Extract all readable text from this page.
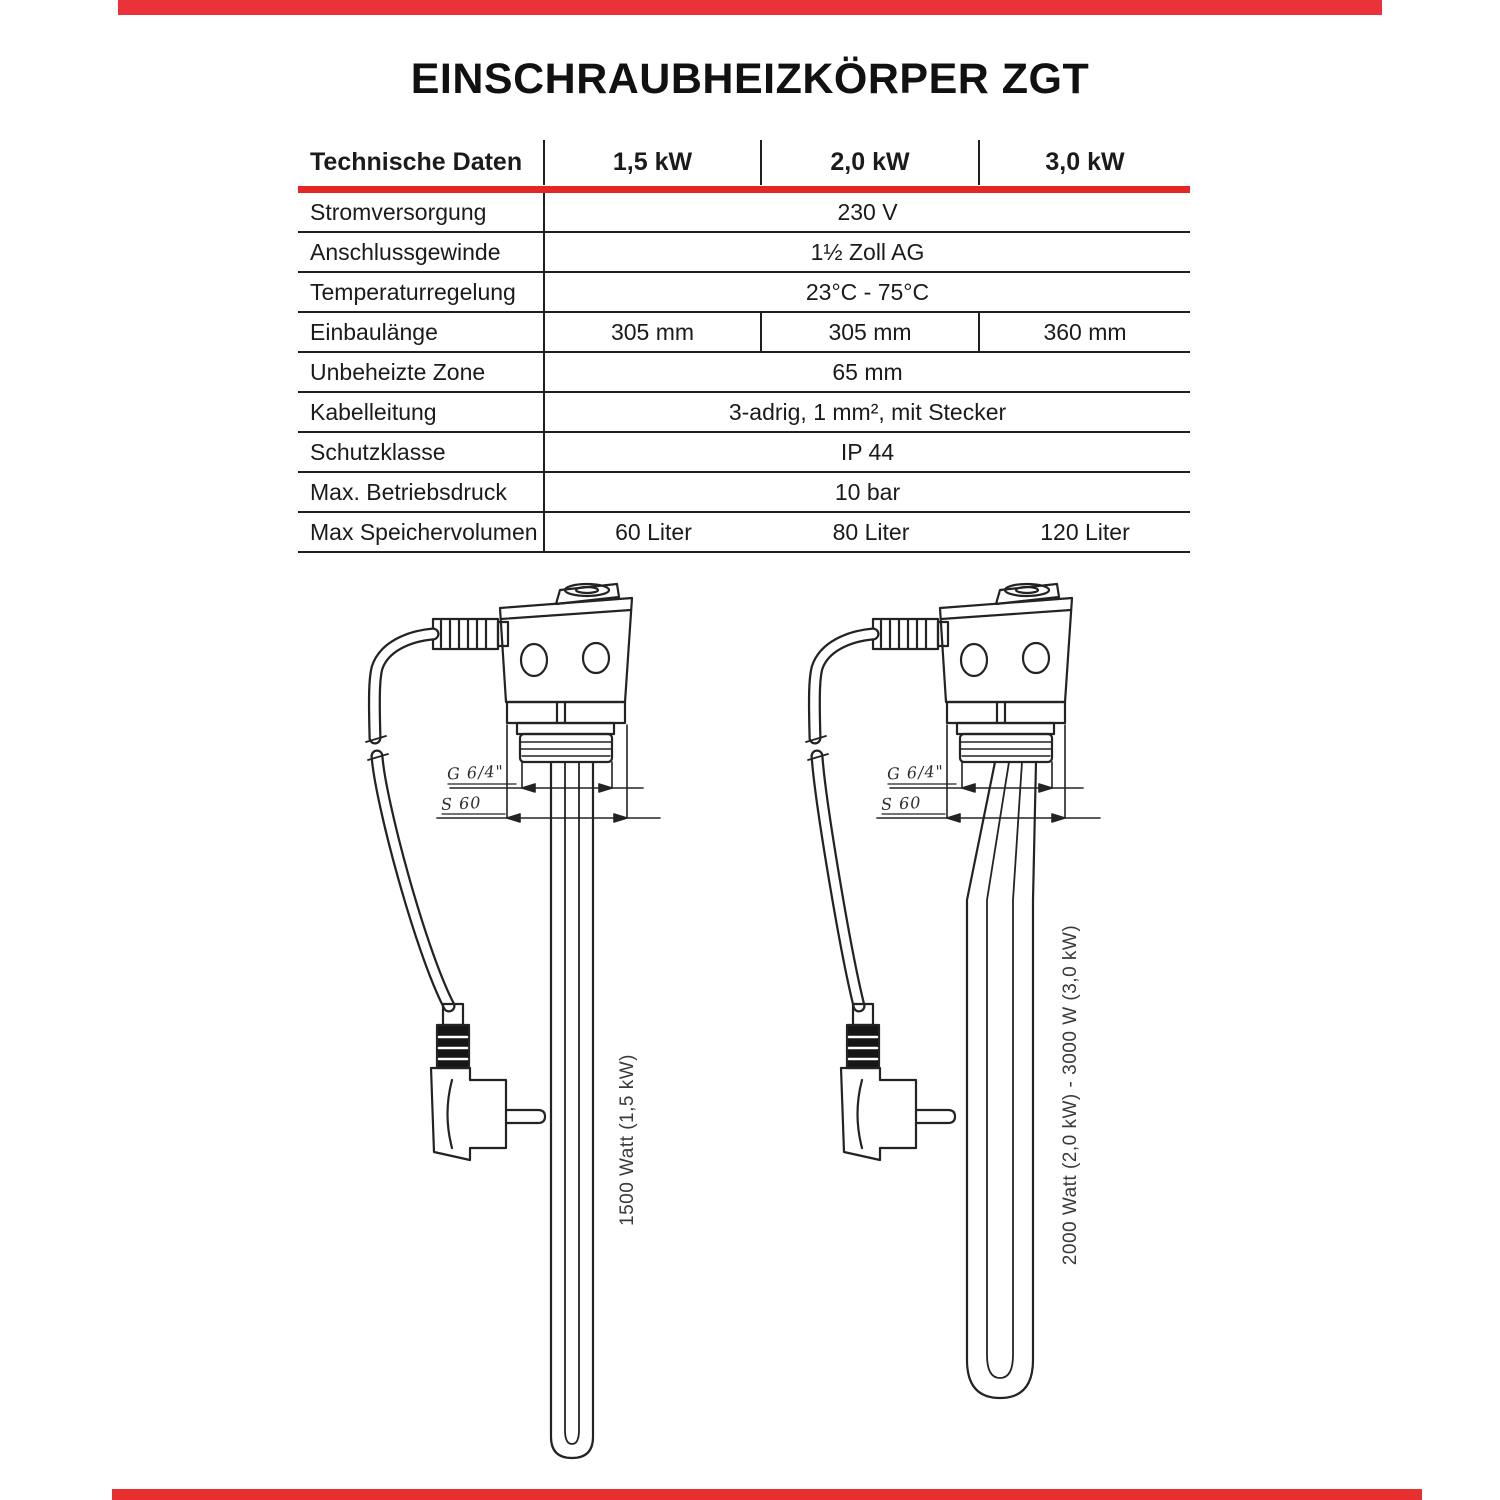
EINSCHRAUBHEIZKÖRPER ZGT
Technische Daten	1,5 kW	2,0 kW	3,0 kW
Stromversorgung	230 V
Anschlussgewinde	1½ Zoll AG
Temperaturregelung	23°C - 75°C
Einbaulänge	305 mm	305 mm	360 mm
Unbeheizte Zone	65 mm
Kabelleitung	3-adrig, 1 mm², mit Stecker
Schutzklasse	IP 44
Max. Betriebsdruck	10 bar
Max Speichervolumen	60 Liter	80 Liter	120 Liter
G 6/4"
S 60
G 6/4"
S 60
1500 Watt (1,5 kW)	2000 Watt (2,0 kW) - 3000 W (3,0 kW)
